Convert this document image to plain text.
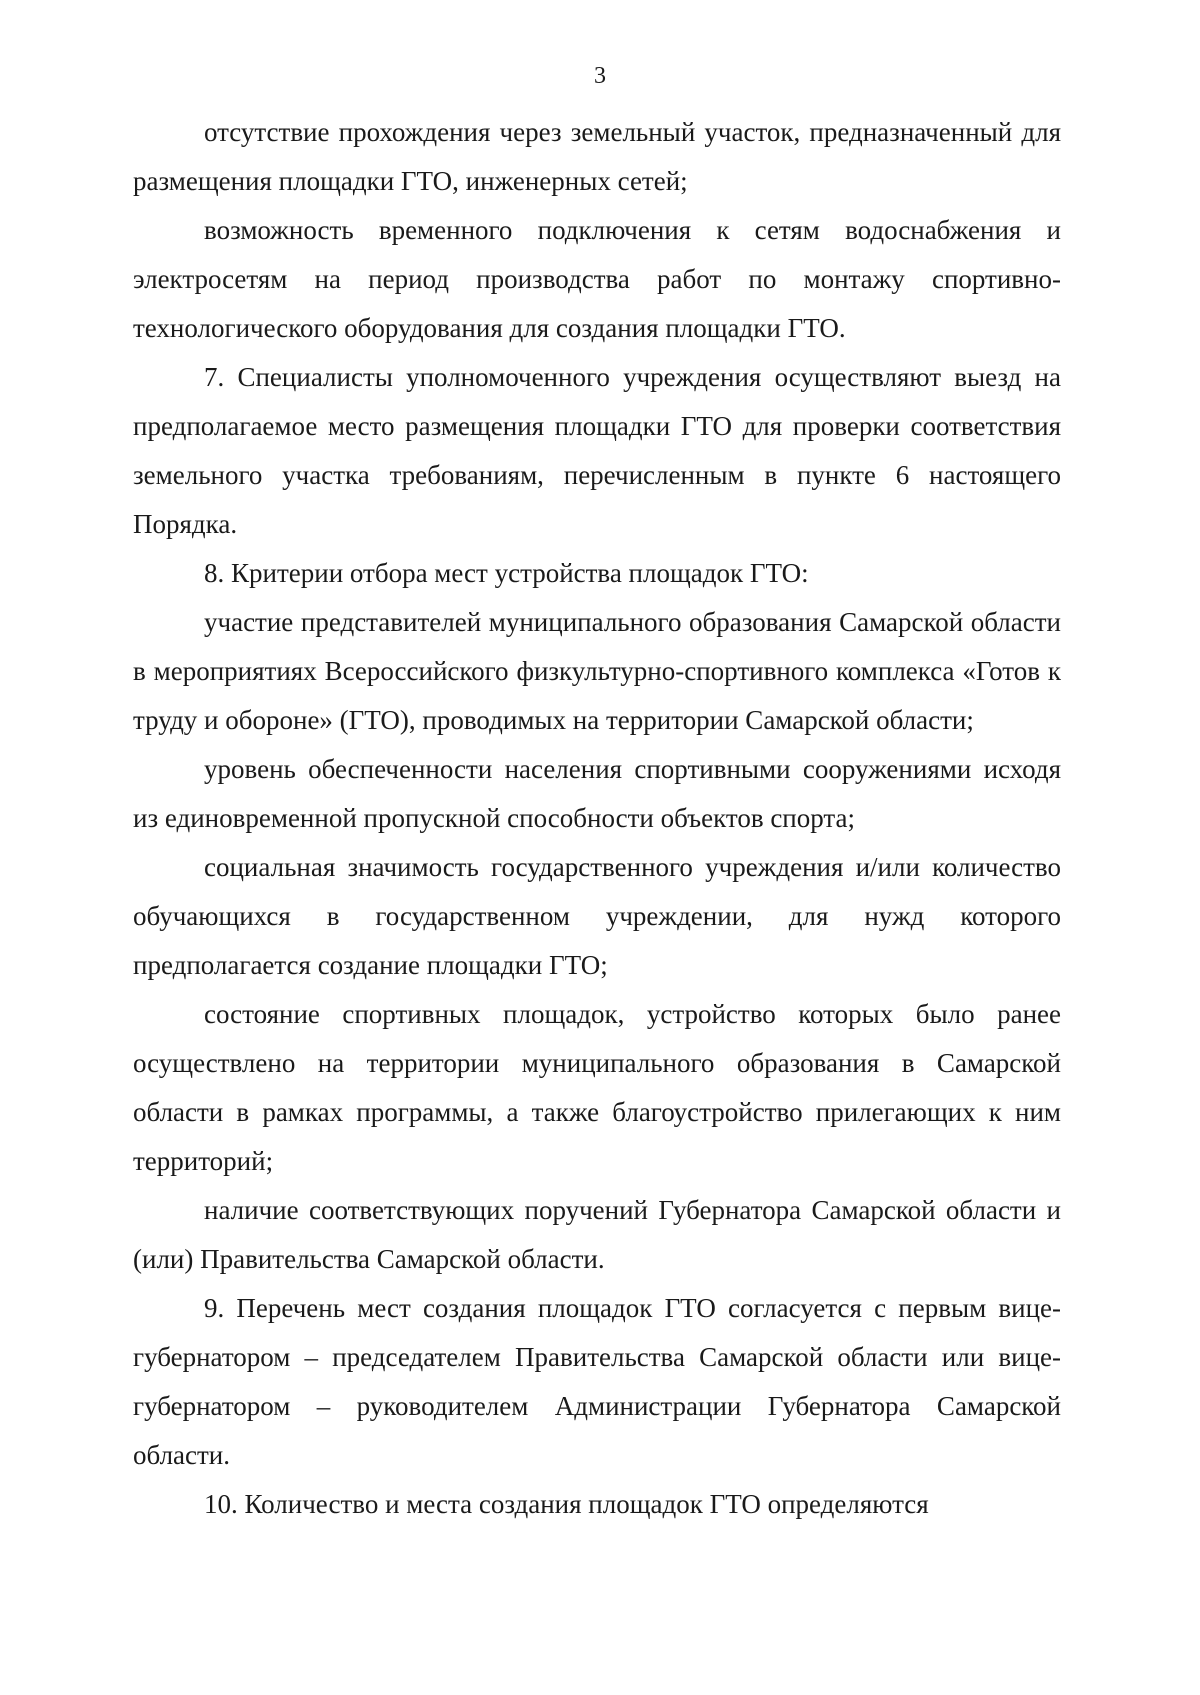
3

отсутствие прохождения через земельный участок, предназначенный для размещения площадки ГТО, инженерных сетей;

возможность временного подключения к сетям водоснабжения и электросетям на период производства работ по монтажу спортивно-технологического оборудования для создания площадки ГТО.

7. Специалисты уполномоченного учреждения осуществляют выезд на предполагаемое место размещения площадки ГТО для проверки соответствия земельного участка требованиям, перечисленным в пункте 6 настоящего Порядка.

8. Критерии отбора мест устройства площадок ГТО:

участие представителей муниципального образования Самарской области в мероприятиях Всероссийского физкультурно-спортивного комплекса «Готов к труду и обороне» (ГТО), проводимых на территории Самарской области;

уровень обеспеченности населения спортивными сооружениями исходя из единовременной пропускной способности объектов спорта;

социальная значимость государственного учреждения и/или количество обучающихся в государственном учреждении, для нужд которого предполагается создание площадки ГТО;

состояние спортивных площадок, устройство которых было ранее осуществлено на территории муниципального образования в Самарской области в рамках программы, а также благоустройство прилегающих к ним территорий;

наличие соответствующих поручений Губернатора Самарской области и (или) Правительства Самарской области.

9. Перечень мест создания площадок ГТО согласуется с первым вице-губернатором – председателем Правительства Самарской области или вице-губернатором – руководителем Администрации Губернатора Самарской области.

10. Количество и места создания площадок ГТО определяются
